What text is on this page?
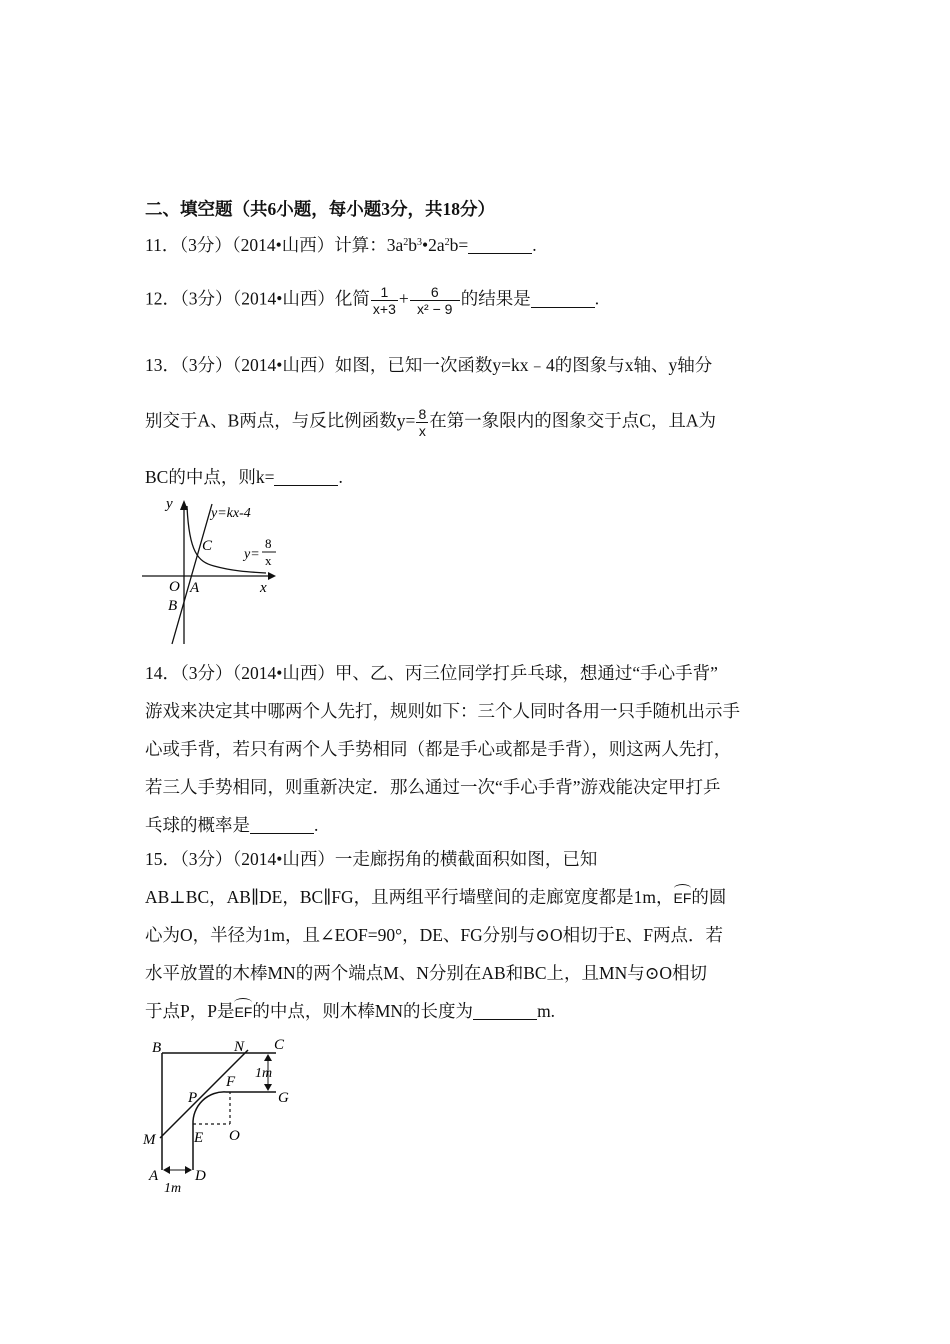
二、填空题（共6小题，每小题3分，共18分）
11．（3分）（2014•山西）计算：$3a^2b^3•2a^2b=$	.
12．（3分）（2014•山西）化简 $\frac{1}{x+3} + \frac{6}{\text{x² − 9}}$ 的结果是	.
13．（3分）（2014•山西）如图，已知一次函数y=kx﹣4的图象与x轴、y轴分
别交于A、B两点，与反比例函数$y= \frac{8}{x}$ 在第一象限内的图象交于点C，且A为
BC的中点，则k=	.
y
x
O A
B
C
y=kx-4
y=
8
x
14．（3分）（2014•山西）甲、乙、丙三位同学打乒乓球，想通过“手心手背”
游戏来决定其中哪两个人先打，规则如下：三个人同时各用一只手随机出示手
心或手背，若只有两个人手势相同（都是手心或都是手背），则这两人先打，
若三人手势相同，则重新决定．那么通过一次“手心手背”游戏能决定甲打乒
乓球的概率是	.
15．（3分）（2014•山西）一走廊拐角的横截面积如图，已知
AB⊥BC，AB∥DE，BC∥FG，且两组平行墙壁间的走廊宽度都是1m，EF的圆
心为O，半径为1m，且∠EOF=90°，DE、FG分别与⊙O相切于E、F两点．若
水平放置的木棒MN的两个端点M、N分别在AB和BC上，且MN与⊙O相切
于点P，P是EF的中点，则木棒MN的长度为	m.
B	N C
F
G
P
M	E O
A D
1m
1m
